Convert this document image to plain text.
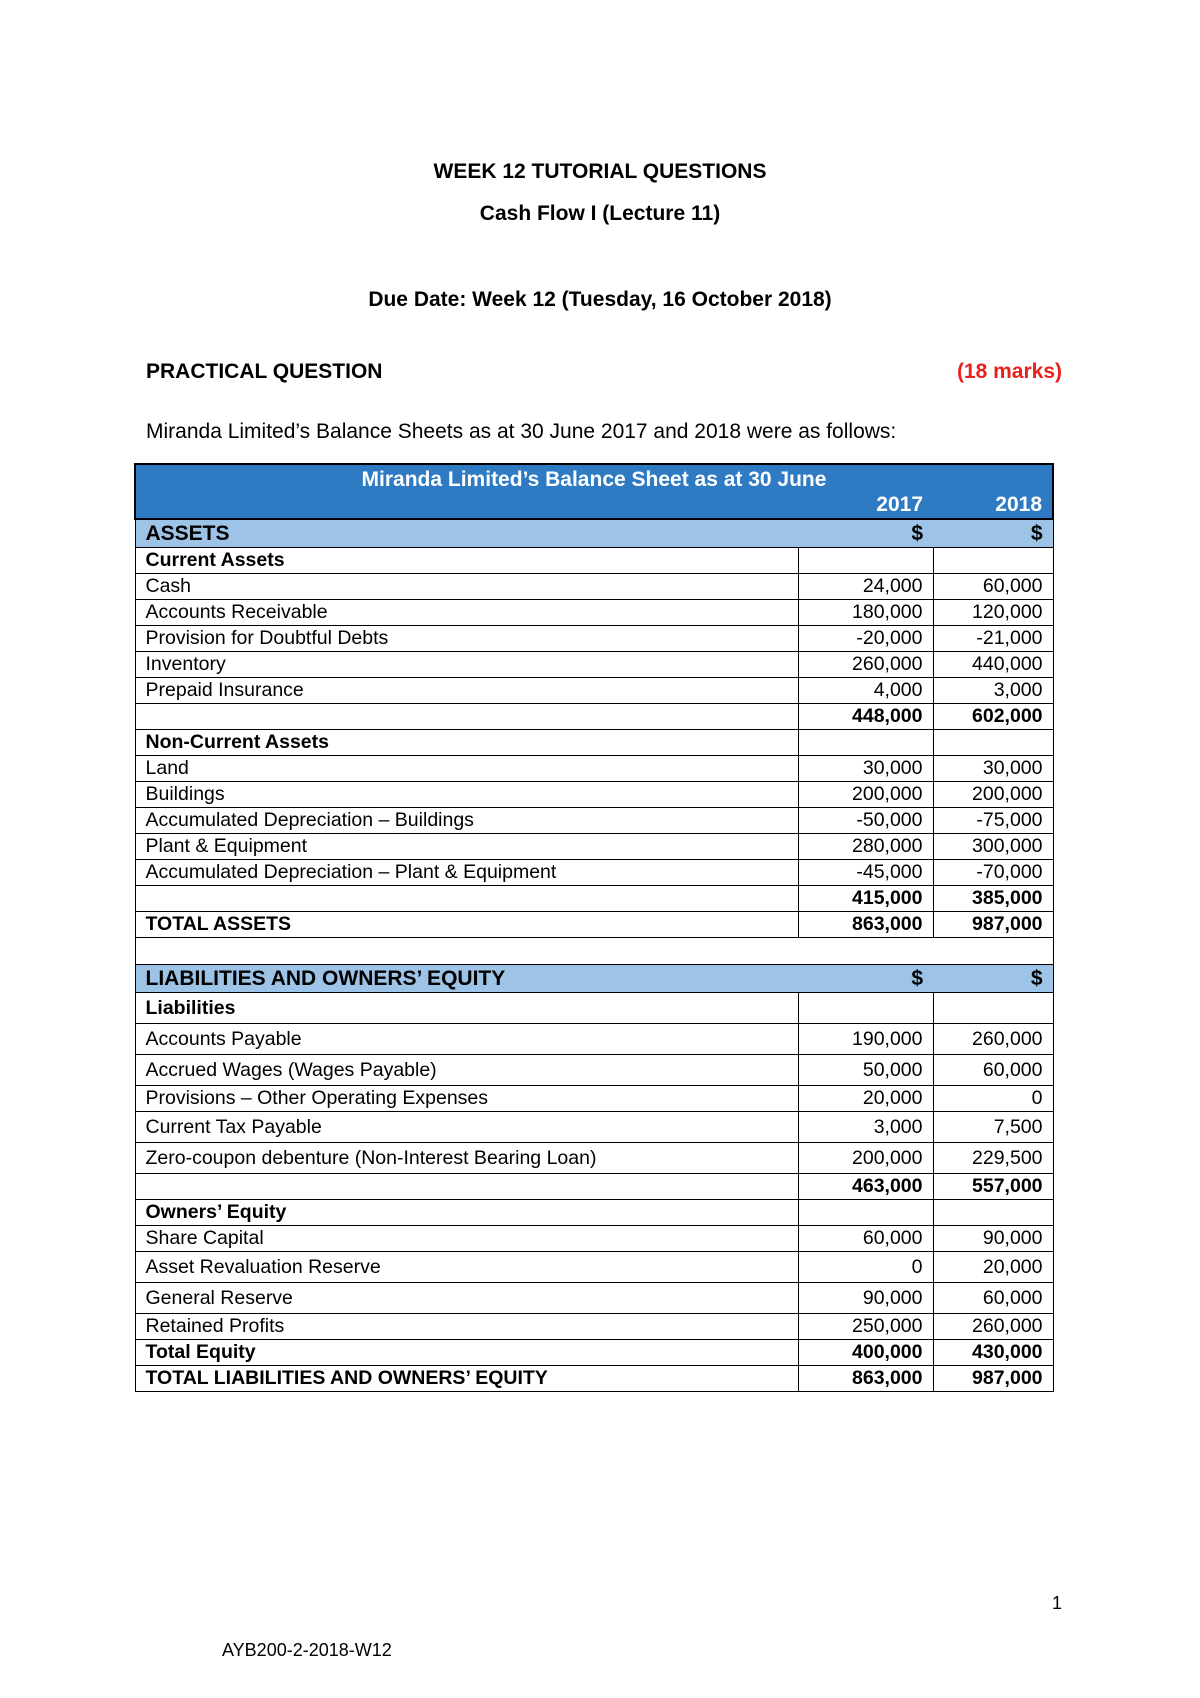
WEEK 12 TUTORIAL QUESTIONS
Cash Flow I (Lecture 11)
Due Date: Week 12 (Tuesday, 16 October 2018)
PRACTICAL QUESTION	(18 marks)
Miranda Limited’s Balance Sheets as at 30 June 2017 and 2018 were as follows:
Miranda Limited’s Balance Sheet as at 30 June		
	2017	2018
ASSETS	$	$
Current Assets		
Cash	24,000	60,000
Accounts Receivable	180,000	120,000
Provision for Doubtful Debts	-20,000	-21,000
Inventory	260,000	440,000
Prepaid Insurance	4,000	3,000
	448,000	602,000
Non-Current Assets		
Land	30,000	30,000
Buildings	200,000	200,000
Accumulated Depreciation – Buildings	-50,000	-75,000
Plant & Equipment	280,000	300,000
Accumulated Depreciation – Plant & Equipment	-45,000	-70,000
	415,000	385,000
TOTAL ASSETS	863,000	987,000

LIABILITIES AND OWNERS’ EQUITY	$	$
Liabilities		
Accounts Payable	190,000	260,000
Accrued Wages (Wages Payable)	50,000	60,000
Provisions – Other Operating Expenses	20,000	0
Current Tax Payable	3,000	7,500
Zero-coupon debenture (Non-Interest Bearing Loan)	200,000	229,500
	463,000	557,000
Owners’ Equity		
Share Capital	60,000	90,000
Asset Revaluation Reserve	0	20,000
General Reserve	90,000	60,000
Retained Profits	250,000	260,000
Total Equity	400,000	430,000
TOTAL LIABILITIES AND OWNERS’ EQUITY	863,000	987,000
1
AYB200-2-2018-W12
